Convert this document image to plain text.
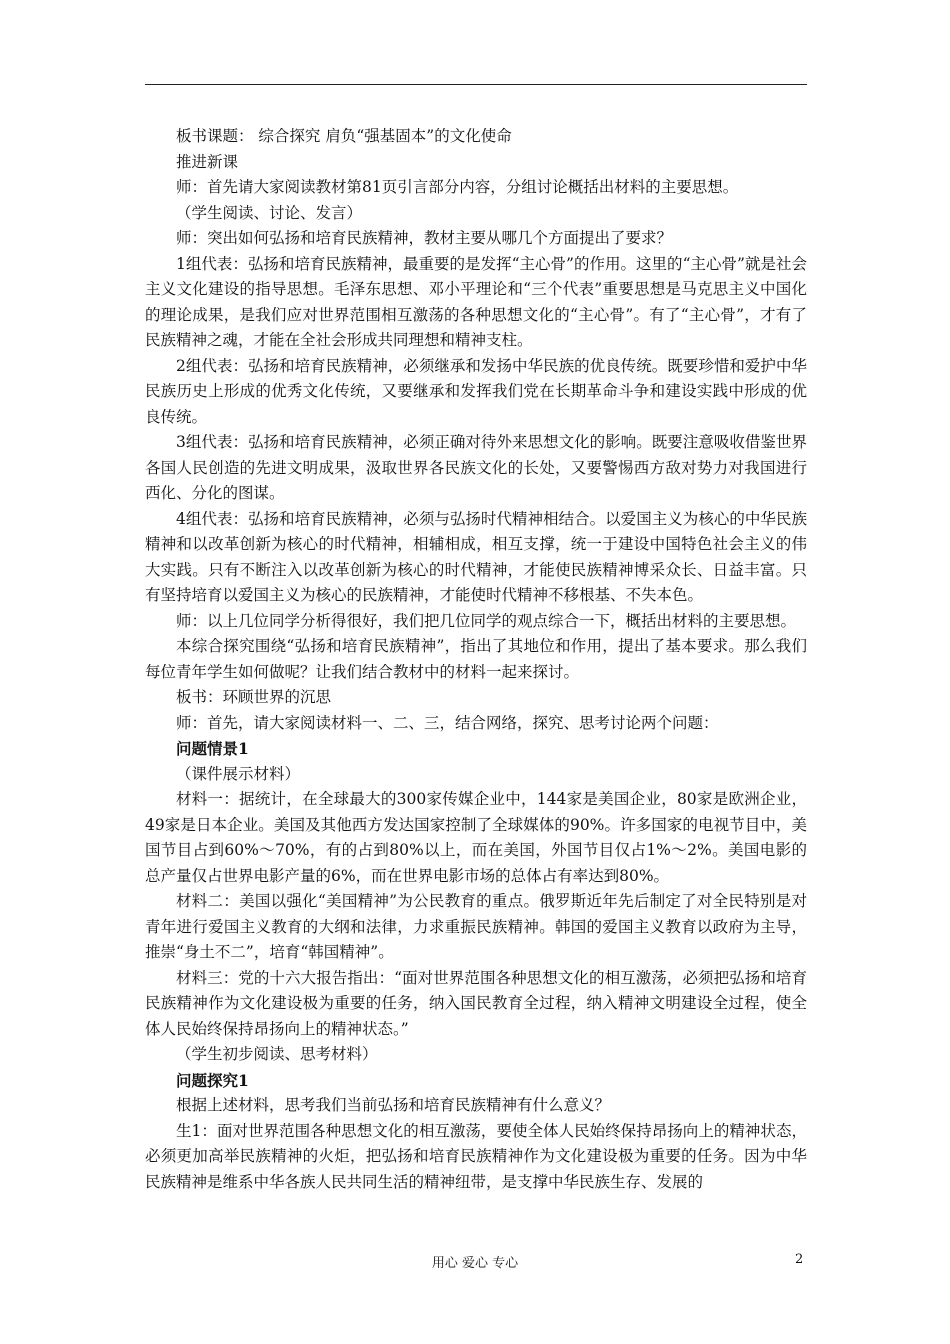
板书课题： 综合探究 肩负“强基固本”的文化使命

推进新课

师：首先请大家阅读教材第81页引言部分内容，分组讨论概括出材料的主要思想。

（学生阅读、讨论、发言）

师：突出如何弘扬和培育民族精神，教材主要从哪几个方面提出了要求？

1组代表：弘扬和培育民族精神，最重要的是发挥“主心骨”的作用。这里的“主心骨”就是社会主义文化建设的指导思想。毛泽东思想、邓小平理论和“三个代表”重要思想是马克思主义中国化的理论成果，是我们应对世界范围相互激荡的各种思想文化的“主心骨”。有了“主心骨”，才有了民族精神之魂，才能在全社会形成共同理想和精神支柱。

2组代表：弘扬和培育民族精神，必须继承和发扬中华民族的优良传统。既要珍惜和爱护中华民族历史上形成的优秀文化传统，又要继承和发挥我们党在长期革命斗争和建设实践中形成的优良传统。

3组代表：弘扬和培育民族精神，必须正确对待外来思想文化的影响。既要注意吸收借鉴世界各国人民创造的先进文明成果，汲取世界各民族文化的长处，又要警惕西方敌对势力对我国进行西化、分化的图谋。

4组代表：弘扬和培育民族精神，必须与弘扬时代精神相结合。以爱国主义为核心的中华民族精神和以改革创新为核心的时代精神，相辅相成，相互支撑，统一于建设中国特色社会主义的伟大实践。只有不断注入以改革创新为核心的时代精神，才能使民族精神博采众长、日益丰富。只有坚持培育以爱国主义为核心的民族精神，才能使时代精神不移根基、不失本色。

师：以上几位同学分析得很好，我们把几位同学的观点综合一下，概括出材料的主要思想。

本综合探究围绕“弘扬和培育民族精神”，指出了其地位和作用，提出了基本要求。那么我们每位青年学生如何做呢？让我们结合教材中的材料一起来探讨。

板书：环顾世界的沉思

师：首先，请大家阅读材料一、二、三，结合网络，探究、思考讨论两个问题：

问题情景1

（课件展示材料）

材料一：据统计，在全球最大的300家传媒企业中，144家是美国企业，80家是欧洲企业，49家是日本企业。美国及其他西方发达国家控制了全球媒体的90%。许多国家的电视节目中，美国节目占到60%～70%，有的占到80%以上，而在美国，外国节目仅占1%～2%。美国电影的总产量仅占世界电影产量的6%，而在世界电影市场的总体占有率达到80%。

材料二：美国以强化“美国精神”为公民教育的重点。俄罗斯近年先后制定了对全民特别是对青年进行爱国主义教育的大纲和法律，力求重振民族精神。韩国的爱国主义教育以政府为主导，推崇“身土不二”，培育“韩国精神”。

材料三：党的十六大报告指出：“面对世界范围各种思想文化的相互激荡，必须把弘扬和培育民族精神作为文化建设极为重要的任务，纳入国民教育全过程，纳入精神文明建设全过程，使全体人民始终保持昂扬向上的精神状态。”

（学生初步阅读、思考材料）

问题探究1

根据上述材料，思考我们当前弘扬和培育民族精神有什么意义？

生1：面对世界范围各种思想文化的相互激荡，要使全体人民始终保持昂扬向上的精神状态，必须更加高举民族精神的火炬，把弘扬和培育民族精神作为文化建设极为重要的任务。因为中华民族精神是维系中华各族人民共同生活的精神纽带，是支撑中华民族生存、发展的

用心 爱心 专心	2
